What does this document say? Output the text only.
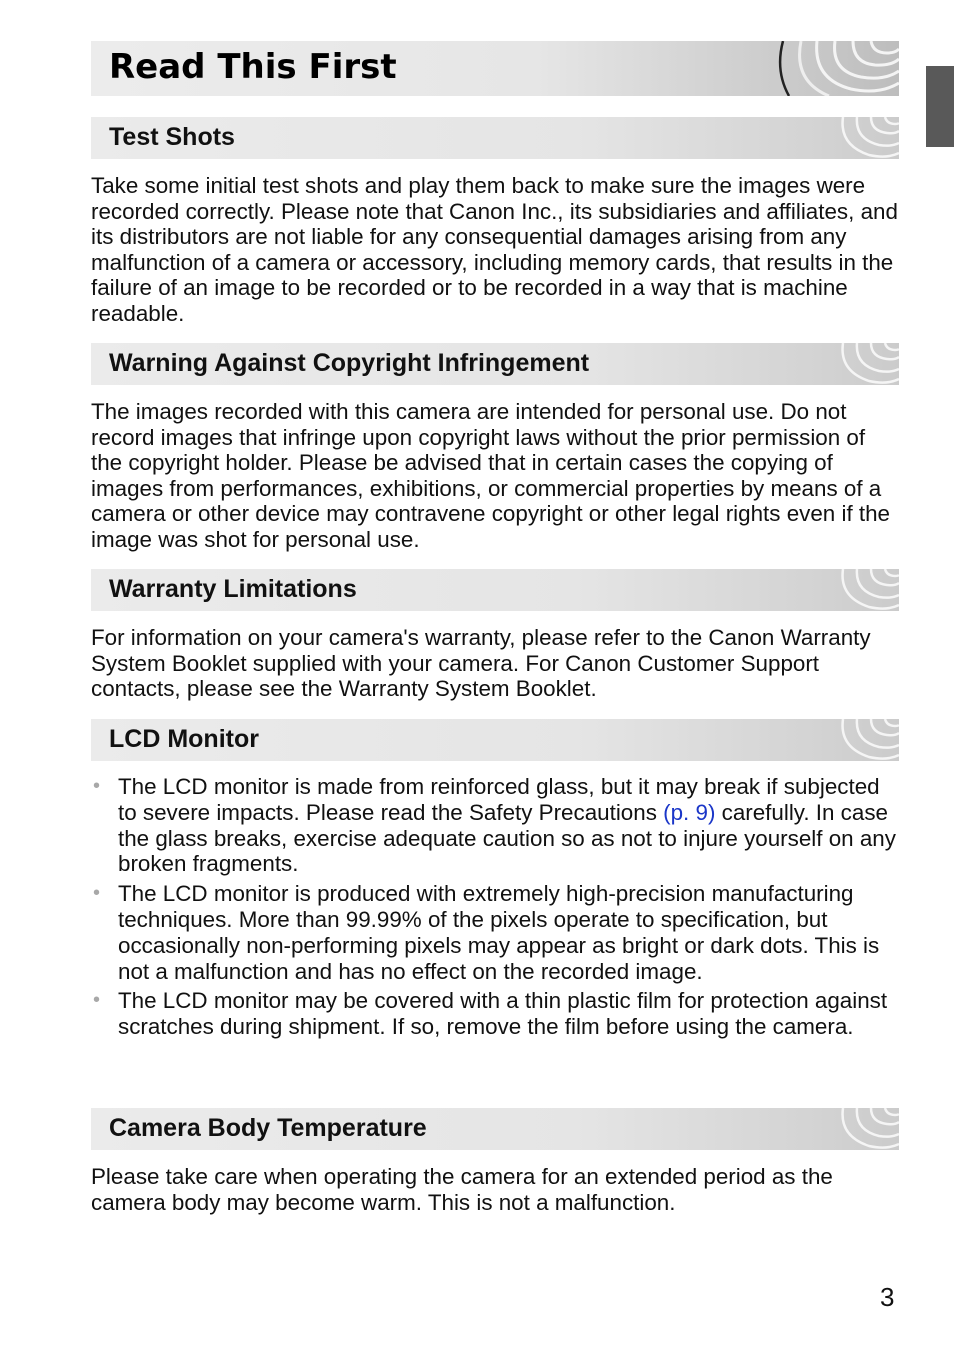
Read This First
Test Shots

Take some initial test shots and play them back to make sure the images were recorded correctly. Please note that Canon Inc., its subsidiaries and affiliates, and its distributors are not liable for any consequential damages arising from any malfunction of a camera or accessory, including memory cards, that results in the failure of an image to be recorded or to be recorded in a way that is machine readable.

Warning Against Copyright Infringement

The images recorded with this camera are intended for personal use. Do not record images that infringe upon copyright laws without the prior permission of the copyright holder. Please be advised that in certain cases the copying of images from performances, exhibitions, or commercial properties by means of a camera or other device may contravene copyright or other legal rights even if the image was shot for personal use.

Warranty Limitations

For information on your camera's warranty, please refer to the Canon Warranty System Booklet supplied with your camera. For Canon Customer Support contacts, please see the Warranty System Booklet.

LCD Monitor
• The LCD monitor is made from reinforced glass, but it may break if subjected to severe impacts. Please read the Safety Precautions (p. 9) carefully. In case the glass breaks, exercise adequate caution so as not to injure yourself on any broken fragments.
• The LCD monitor is produced with extremely high-precision manufacturing techniques. More than 99.99% of the pixels operate to specification, but occasionally non-performing pixels may appear as bright or dark dots. This is not a malfunction and has no effect on the recorded image.
• The LCD monitor may be covered with a thin plastic film for protection against scratches during shipment. If so, remove the film before using the camera.
Camera Body Temperature

Please take care when operating the camera for an extended period as the camera body may become warm. This is not a malfunction.

3
